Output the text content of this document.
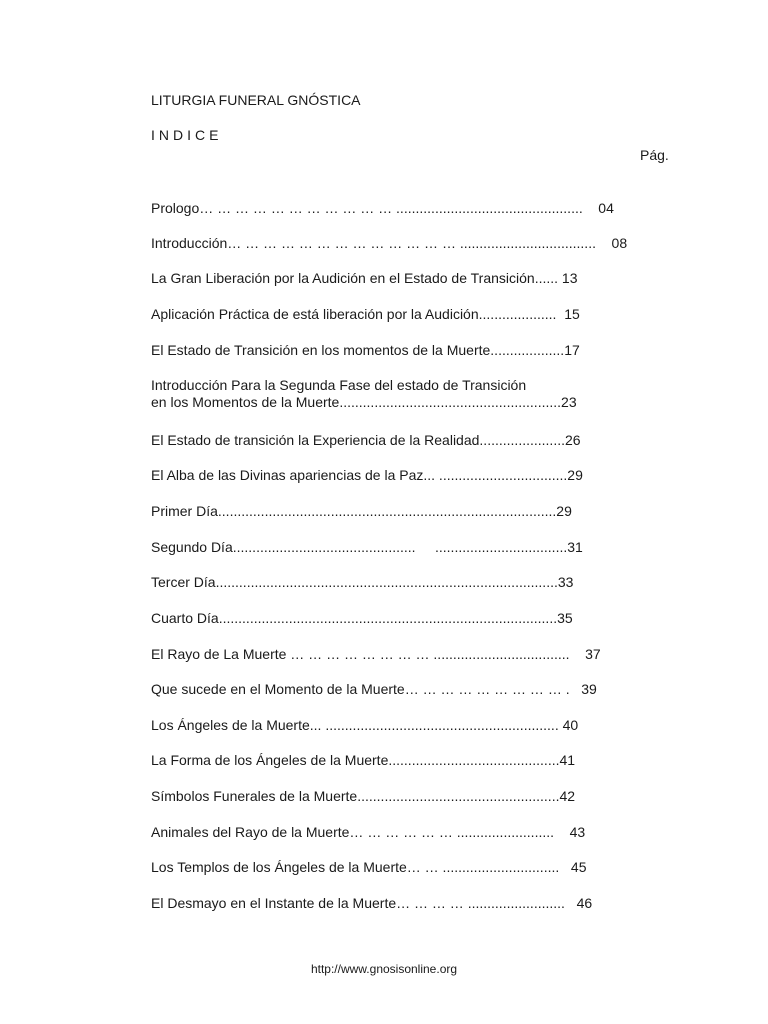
LITURGIA FUNERAL GNÓSTICA
INDICE
Pág.
Prologo… … … … … … … … … … … ................................................    04
Introducción… … … … … … … … … … … … … ...................................    08
La Gran Liberación por la Audición en el Estado de Transición...... 13
Aplicación Práctica de está liberación por la Audición....................  15
El Estado de Transición en los momentos de la Muerte...................17
Introducción Para la Segunda Fase del estado de Transición
en los Momentos de la Muerte.........................................................23
El Estado de transición la Experiencia de la Realidad......................26
El Alba de las Divinas apariencias de la Paz... .................................29
Primer Día.......................................................................................29
Segundo Día...............................................     ..................................31
Tercer Día........................................................................................33
Cuarto Día.......................................................................................35
El Rayo de La Muerte … … … … … … … … ...................................    37
Que sucede en el Momento de la Muerte… … … … … … … … … .   39
Los Ángeles de la Muerte... ............................................................ 40
La Forma de los Ángeles de la Muerte............................................41
Símbolos Funerales de la Muerte....................................................42
Animales del Rayo de la Muerte… … … … … … .........................    43
Los Templos de los Ángeles de la Muerte… … ..............................   45
El Desmayo en el Instante de la Muerte… … … … .........................   46
http://www.gnosisonline.org
